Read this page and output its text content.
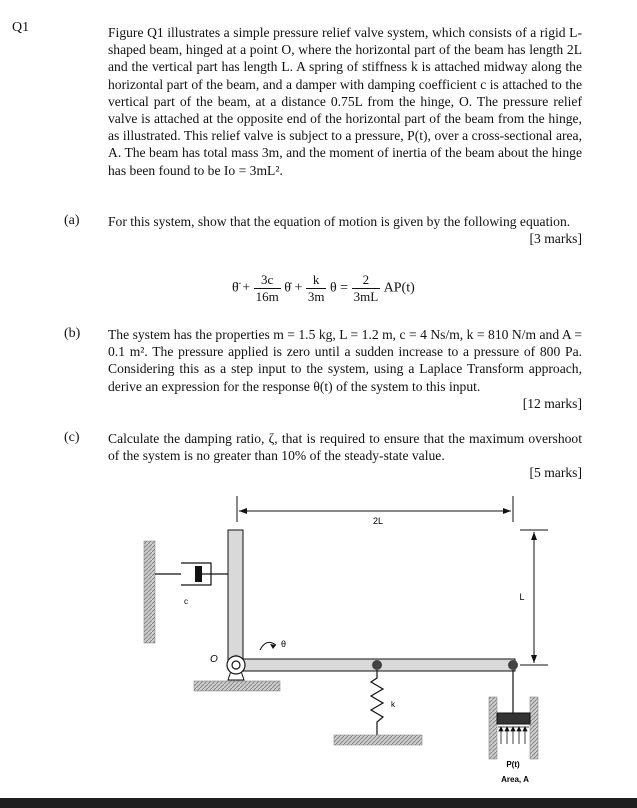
Q1	Figure Q1 illustrates a simple pressure relief valve system, which consists of a rigid L-shaped beam, hinged at a point O, where the horizontal part of the beam has length 2L and the vertical part has length L. A spring of stiffness k is attached midway along the horizontal part of the beam, and a damper with damping coefficient c is attached to the vertical part of the beam, at a distance 0.75L from the hinge, O. The pressure relief valve is attached at the opposite end of the horizontal part of the beam from the hinge, as illustrated. This relief valve is subject to a pressure, P(t), over a cross-sectional area, A. The beam has total mass 3m, and the moment of inertia of the beam about the hinge has been found to be Io = 3mL².
(a) For this system, show that the equation of motion is given by the following equation.
[3 marks]
θ̈ + $\frac{3c}{16m}$ θ̇ + $\frac{k}{3m}$ $\theta = \frac{2}{3mL} AP(t)$
(b) The system has the properties m = 1.5 kg, L = 1.2 m, c = 4 Ns/m, k = 810 N/m and A = 0.1 m². The pressure applied is zero until a sudden increase to a pressure of 800 Pa. Considering this as a step input to the system, using a Laplace Transform approach, derive an expression for the response θ(t) of the system to this input.
[12 marks]
(c) Calculate the damping ratio, ζ, that is required to ensure that the maximum overshoot of the system is no greater than 10% of the steady-state value.
[5 marks]
2L
L
c
O
θ
k
P(t)
Area, A
